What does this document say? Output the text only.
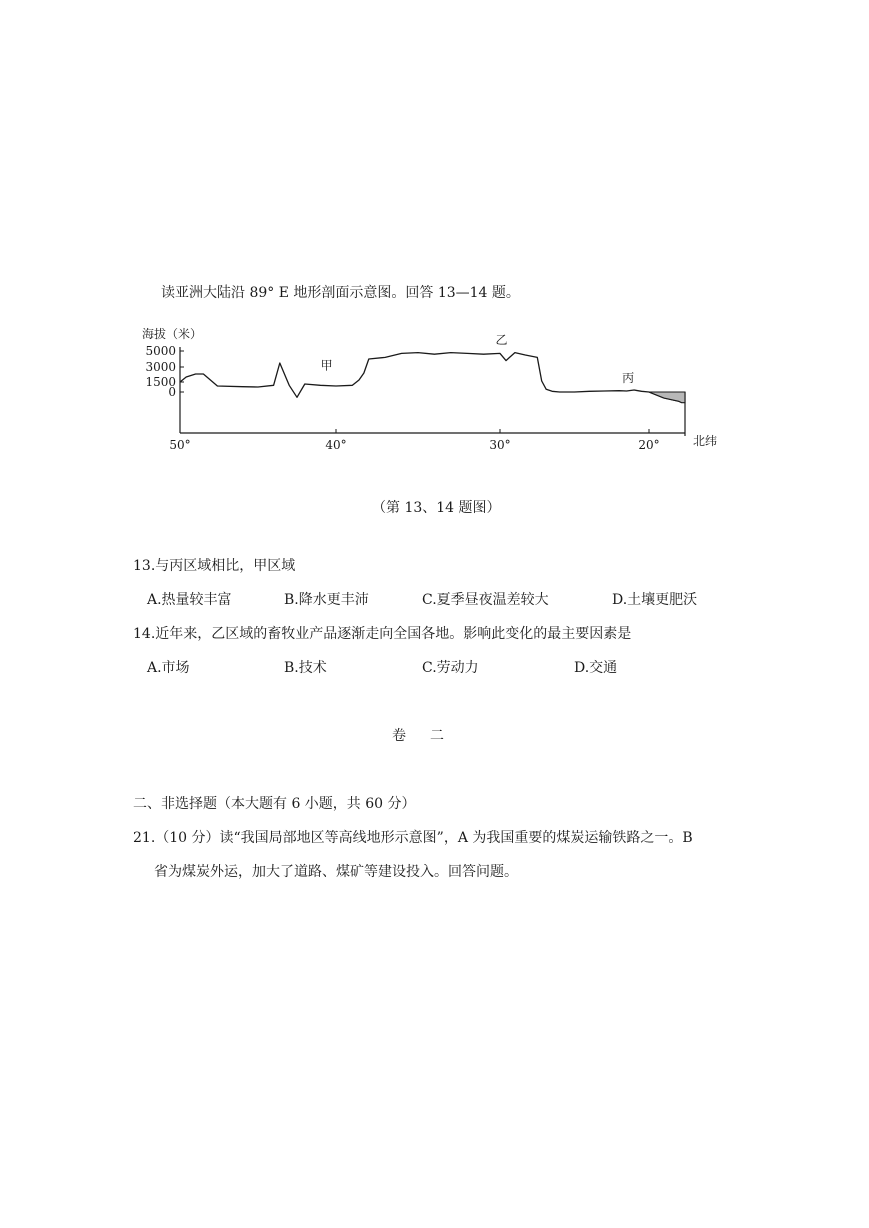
读亚洲大陆沿 89° E 地形剖面示意图。回答 13—14 题。
5000
3000
1500
0
50°	40°	30°	20°
海拔（米）
北纬
甲
乙
丙
（第 13、14 题图）
13.与丙区域相比，甲区域
A.热量较丰富	B.降水更丰沛	C.夏季昼夜温差较大	D.土壤更肥沃
14.近年来，乙区域的畜牧业产品逐渐走向全国各地。影响此变化的最主要因素是
A.市场	B.技术	C.劳动力	D.交通
卷 二
二、非选择题（本大题有 6 小题，共 60 分）
21.（10 分）读“我国局部地区等高线地形示意图”，A 为我国重要的煤炭运输铁路之一。B
省为煤炭外运，加大了道路、煤矿等建设投入。回答问题。
